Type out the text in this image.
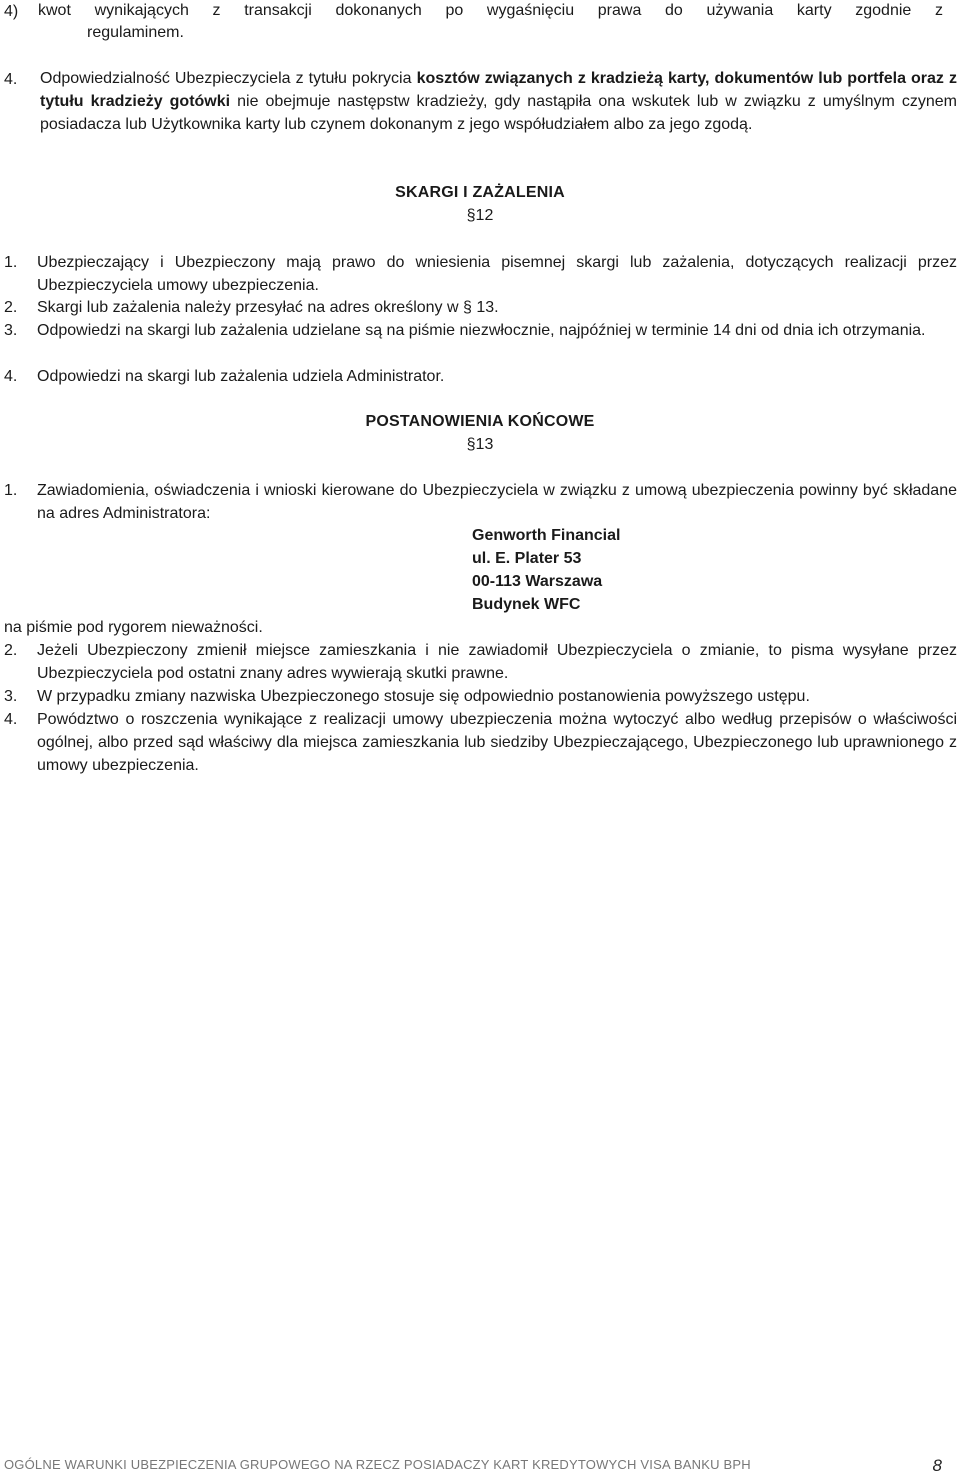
4) kwot wynikających z transakcji dokonanych po wygaśnięciu prawa do używania karty zgodnie z
regulaminem.
4. Odpowiedzialność Ubezpieczyciela z tytułu pokrycia kosztów związanych z kradzieżą karty, dokumentów lub portfela oraz z tytułu kradzieży gotówki nie obejmuje następstw kradzieży, gdy nastąpiła ona wskutek lub w związku z umyślnym czynem posiadacza lub Użytkownika karty lub czynem dokonanym z jego współudziałem albo za jego zgodą.
SKARGI I ZAŻALENIA
§12
1. Ubezpieczający i Ubezpieczony mają prawo do wniesienia pisemnej skargi lub zażalenia, dotyczących realizacji przez Ubezpieczyciela umowy ubezpieczenia.
2. Skargi lub zażalenia należy przesyłać na adres określony w § 13.
3. Odpowiedzi na skargi lub zażalenia udzielane są na piśmie niezwłocznie, najpóźniej w terminie 14 dni od dnia ich otrzymania.
4. Odpowiedzi na skargi lub zażalenia udziela Administrator.
POSTANOWIENIA KOŃCOWE
§13
1. Zawiadomienia, oświadczenia i wnioski kierowane do Ubezpieczyciela w związku z umową ubezpieczenia powinny być składane na adres Administratora:
Genworth Financial
ul. E. Plater 53
00-113 Warszawa
Budynek WFC
na piśmie pod rygorem nieważności.
2. Jeżeli Ubezpieczony zmienił miejsce zamieszkania i nie zawiadomił Ubezpieczyciela o zmianie, to pisma wysyłane przez Ubezpieczyciela pod ostatni znany adres wywierają skutki prawne.
3. W przypadku zmiany nazwiska Ubezpieczonego stosuje się odpowiednio postanowienia powyższego ustępu.
4. Powództwo o roszczenia wynikające z realizacji umowy ubezpieczenia można wytoczyć albo według przepisów o właściwości ogólnej, albo przed sąd właściwy dla miejsca zamieszkania lub siedziby Ubezpieczającego, Ubezpieczonego lub uprawnionego z umowy ubezpieczenia.
OGÓLNE WARUNKI UBEZPIECZENIA GRUPOWEGO NA RZECZ POSIADACZY KART KREDYTOWYCH VISA BANKU BPH	8
